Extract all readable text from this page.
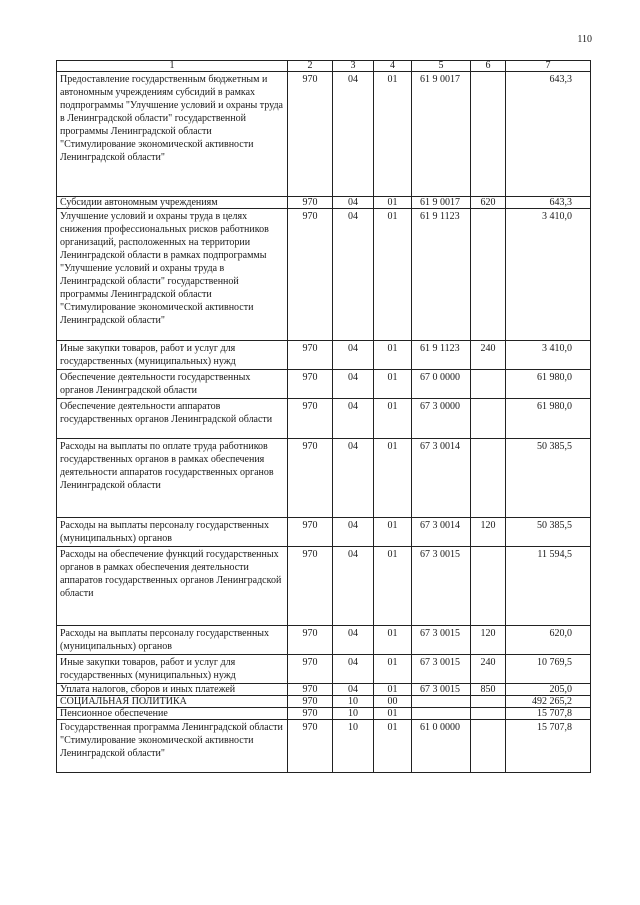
110
1	2	3	4	5	6	7
Предоставление государственным бюджетным и автономным учреждениям субсидий в рамках подпрограммы "Улучшение условий и охраны труда в Ленинградской области" государственной программы Ленинградской области "Стимулирование экономической активности Ленинградской области"	970	04	01	61 9 0017		643,3
Субсидии автономным учреждениям	970	04	01	61 9 0017	620	643,3
Улучшение условий и охраны труда в целях снижения профессиональных рисков работников организаций, расположенных на территории Ленинградской области в рамках подпрограммы "Улучшение условий и охраны труда в Ленинградской области" государственной программы Ленинградской области "Стимулирование экономической активности Ленинградской области"	970	04	01	61 9 1123		3 410,0
Иные закупки товаров, работ и услуг для государственных (муниципальных) нужд	970	04	01	61 9 1123	240	3 410,0
Обеспечение деятельности государственных органов Ленинградской области	970	04	01	67 0 0000		61 980,0
Обеспечение деятельности аппаратов государственных органов Ленинградской области	970	04	01	67 3 0000		61 980,0
Расходы на выплаты по оплате труда работников государственных органов в рамках обеспечения деятельности аппаратов государственных органов Ленинградской области	970	04	01	67 3 0014		50 385,5
Расходы на выплаты персоналу государственных (муниципальных) органов	970	04	01	67 3 0014	120	50 385,5
Расходы на обеспечение функций государственных органов в рамках обеспечения деятельности аппаратов государственных органов Ленинградской области	970	04	01	67 3 0015		11 594,5
Расходы на выплаты персоналу государственных (муниципальных) органов	970	04	01	67 3 0015	120	620,0
Иные закупки товаров, работ и услуг для государственных (муниципальных) нужд	970	04	01	67 3 0015	240	10 769,5
Уплата налогов, сборов и иных платежей	970	04	01	67 3 0015	850	205,0
СОЦИАЛЬНАЯ ПОЛИТИКА	970	10	00			492 265,2
Пенсионное обеспечение	970	10	01			15 707,8
Государственная программа Ленинградской области "Стимулирование экономической активности Ленинградской области"	970	10	01	61 0 0000		15 707,8
